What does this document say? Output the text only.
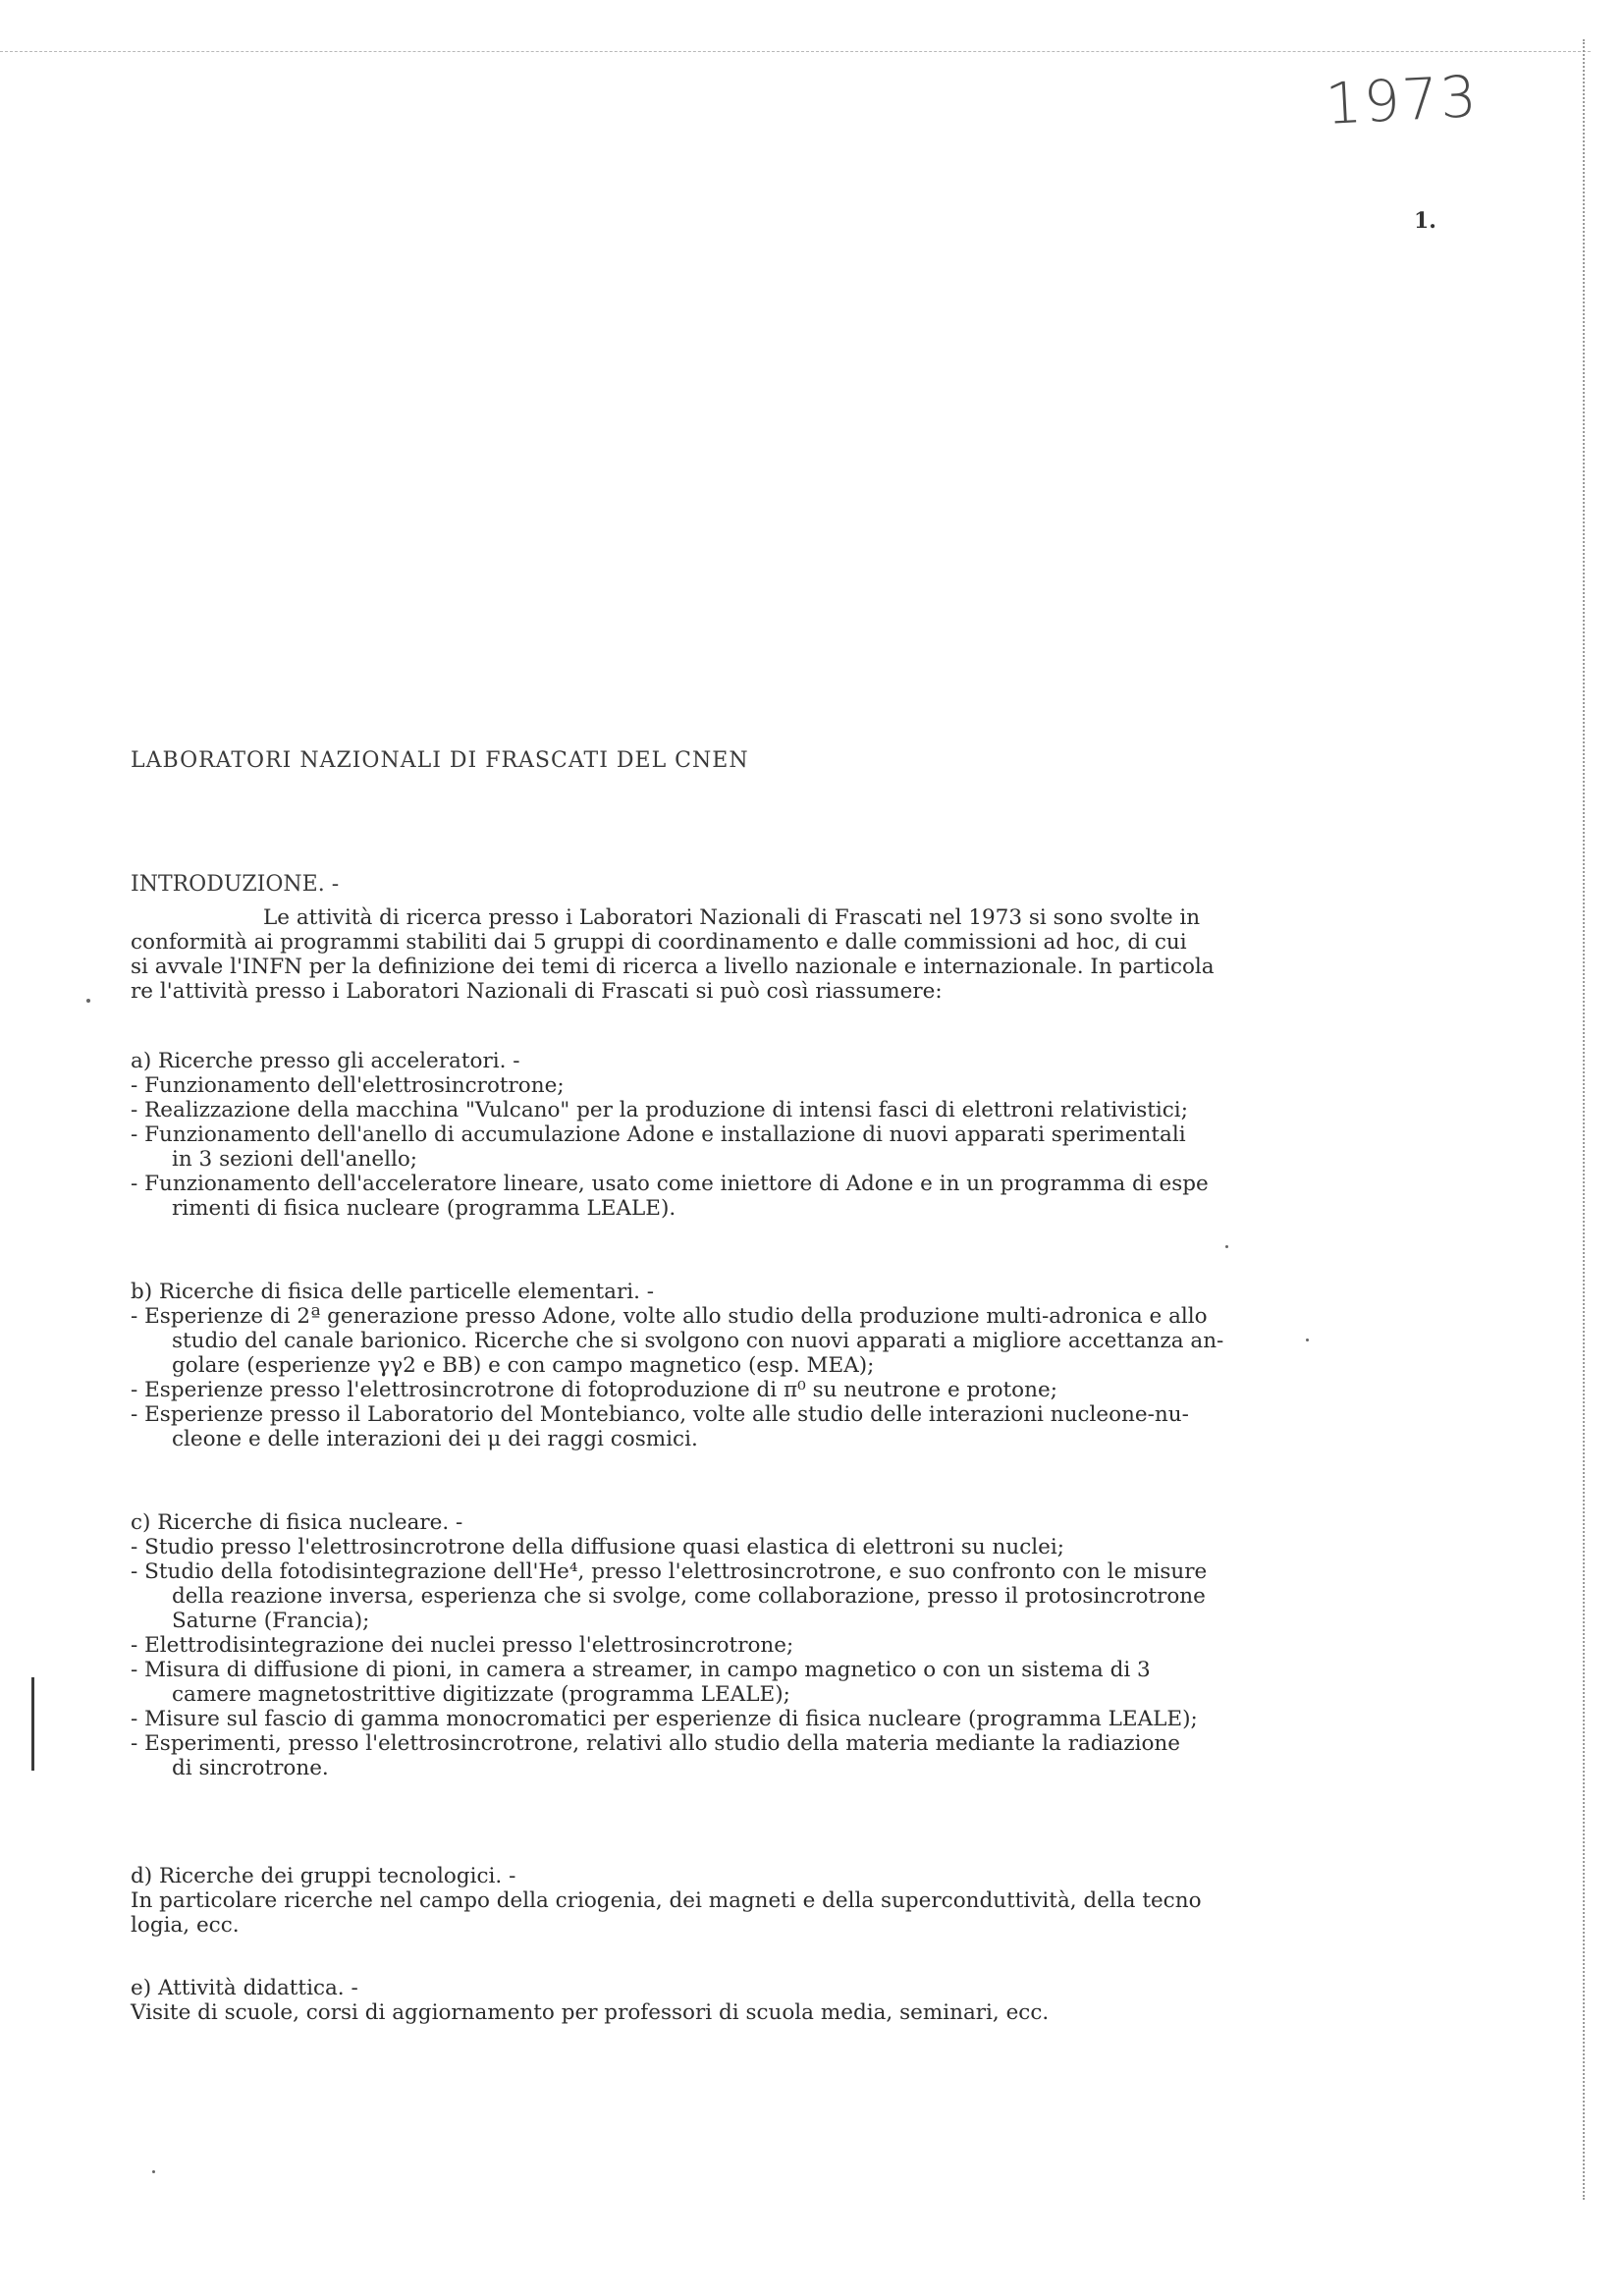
1973
1.
LABORATORI NAZIONALI DI FRASCATI DEL CNEN
INTRODUZIONE. -
Le attività di ricerca presso i Laboratori Nazionali di Frascati nel 1973 si sono svolte in
conformità ai programmi stabiliti dai 5 gruppi di coordinamento e dalle commissioni ad hoc, di cui
si avvale l'INFN per la definizione dei temi di ricerca a livello nazionale e internazionale. In particola
re l'attività presso i Laboratori Nazionali di Frascati si può così riassumere:
a) Ricerche presso gli acceleratori. -
- Funzionamento dell'elettrosincrotrone;
- Realizzazione della macchina "Vulcano" per la produzione di intensi fasci di elettroni relativistici;
- Funzionamento dell'anello di accumulazione Adone e installazione di nuovi apparati sperimentali
in 3 sezioni dell'anello;
- Funzionamento dell'acceleratore lineare, usato come iniettore di Adone e in un programma di espe
rimenti di fisica nucleare (programma LEALE).
b) Ricerche di fisica delle particelle elementari. -
- Esperienze di 2ª generazione presso Adone, volte allo studio della produzione multi-adronica e allo
studio del canale barionico. Ricerche che si svolgono con nuovi apparati a migliore accettanza an-
golare (esperienze γγ2 e BB) e con campo magnetico (esp. MEA);
- Esperienze presso l'elettrosincrotrone di fotoproduzione di π⁰ su neutrone e protone;
- Esperienze presso il Laboratorio del Montebianco, volte alle studio delle interazioni nucleone-nu-
cleone e delle interazioni dei μ dei raggi cosmici.
c) Ricerche di fisica nucleare. -
- Studio presso l'elettrosincrotrone della diffusione quasi elastica di elettroni su nuclei;
- Studio della fotodisintegrazione dell'He⁴, presso l'elettrosincrotrone, e suo confronto con le misure
della reazione inversa, esperienza che si svolge, come collaborazione, presso il protosincrotrone
Saturne (Francia);
- Elettrodisintegrazione dei nuclei presso l'elettrosincrotrone;
- Misura di diffusione di pioni, in camera a streamer, in campo magnetico o con un sistema di 3
camere magnetostrittive digitizzate (programma LEALE);
- Misure sul fascio di gamma monocromatici per esperienze di fisica nucleare (programma LEALE);
- Esperimenti, presso l'elettrosincrotrone, relativi allo studio della materia mediante la radiazione
di sincrotrone.
d) Ricerche dei gruppi tecnologici. -
In particolare ricerche nel campo della criogenia, dei magneti e della superconduttività, della tecno
logia, ecc.
e) Attività didattica. -
Visite di scuole, corsi di aggiornamento per professori di scuola media, seminari, ecc.
